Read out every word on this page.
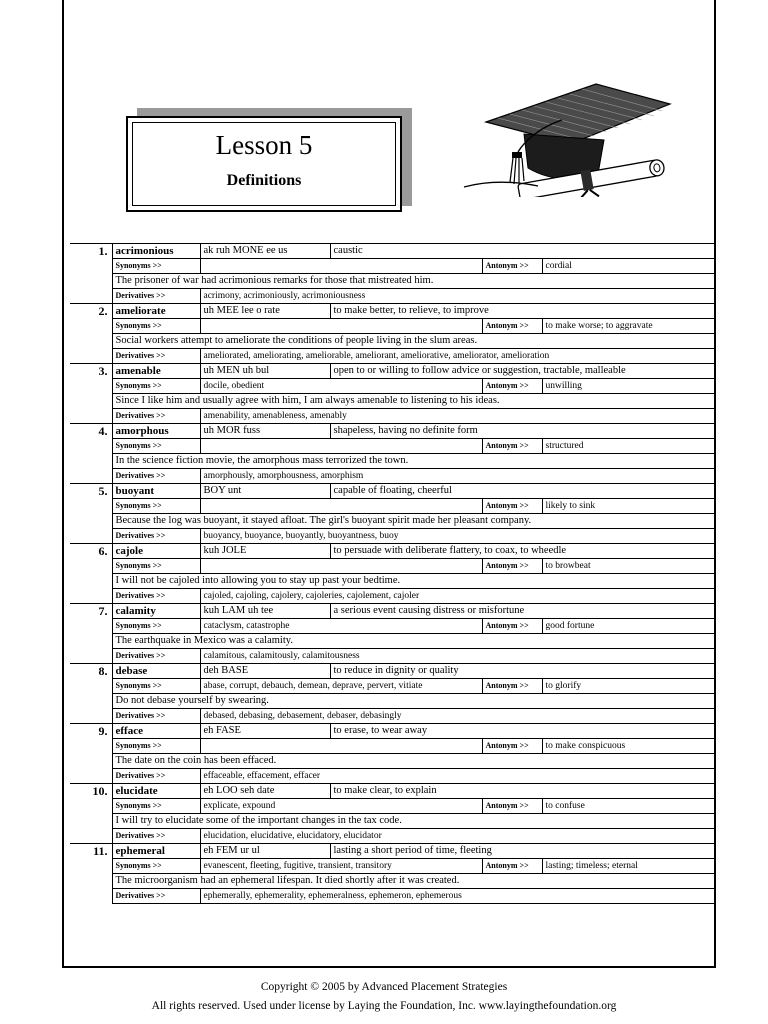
Lesson 5
Definitions
1.	acrimonious	ak ruh MONE ee us	caustic		
	Synonyms >>			Antonym >>	cordial
	The prisoner of war had acrimonious remarks for those that mistreated him.				
	Derivatives >>	acrimony, acrimoniously, acrimoniousness			
2.	ameliorate	uh MEE lee o rate	to make better, to relieve, to improve		
	Synonyms >>			Antonym >>	to make worse; to aggravate
	Social workers attempt to ameliorate the conditions of people living in the slum areas.				
	Derivatives >>	ameliorated, ameliorating, ameliorable, ameliorant, ameliorative, ameliorator, amelioration			
3.	amenable	uh MEN uh bul	open to or willing to follow advice or suggestion, tractable, malleable		
	Synonyms >>	docile, obedient		Antonym >>	unwilling
	Since I like him and usually agree with him, I am always amenable to listening to his ideas.				
	Derivatives >>	amenability, amenableness, amenably			
4.	amorphous	uh MOR fuss	shapeless, having no definite form		
	Synonyms >>			Antonym >>	structured
	In the science fiction movie, the amorphous mass terrorized the town.				
	Derivatives >>	amorphously, amorphousness, amorphism			
5.	buoyant	BOY unt	capable of floating, cheerful		
	Synonyms >>			Antonym >>	likely to sink
	Because the log was buoyant, it stayed afloat. The girl's buoyant spirit made her pleasant company.				
	Derivatives >>	buoyancy, buoyance, buoyantly, buoyantness, buoy			
6.	cajole	kuh JOLE	to persuade with deliberate flattery, to coax, to wheedle		
	Synonyms >>			Antonym >>	to browbeat
	I will not be cajoled into allowing you to stay up past your bedtime.				
	Derivatives >>	cajoled, cajoling, cajolery, cajoleries, cajolement, cajoler			
7.	calamity	kuh LAM uh tee	a serious event causing distress or misfortune		
	Synonyms >>	cataclysm, catastrophe		Antonym >>	good fortune
	The earthquake in Mexico was a calamity.				
	Derivatives >>	calamitous, calamitously, calamitousness			
8.	debase	deh BASE	to reduce in dignity or quality		
	Synonyms >>	abase, corrupt, debauch, demean, deprave, pervert, vitiate		Antonym >>	to glorify
	Do not debase yourself by swearing.				
	Derivatives >>	debased, debasing, debasement, debaser, debasingly			
9.	efface	eh FASE	to erase, to wear away		
	Synonyms >>			Antonym >>	to make conspicuous
	The date on the coin has been effaced.				
	Derivatives >>	effaceable, effacement, effacer			
10.	elucidate	eh LOO seh date	to make clear, to explain		
	Synonyms >>	explicate, expound		Antonym >>	to confuse
	I will try to elucidate some of the important changes in the tax code.				
	Derivatives >>	elucidation, elucidative, elucidatory, elucidator			
11.	ephemeral	eh FEM ur ul	lasting a short period of time, fleeting		
	Synonyms >>	evanescent, fleeting, fugitive, transient, transitory		Antonym >>	lasting; timeless; eternal
	The microorganism had an ephemeral lifespan. It died shortly after it was created.				
	Derivatives >>	ephemerally, ephemerality, ephemeralness, ephemeron, ephemerous			
Copyright © 2005 by Advanced Placement Strategies
All rights reserved. Used under license by Laying the Foundation, Inc. www.layingthefoundation.org
